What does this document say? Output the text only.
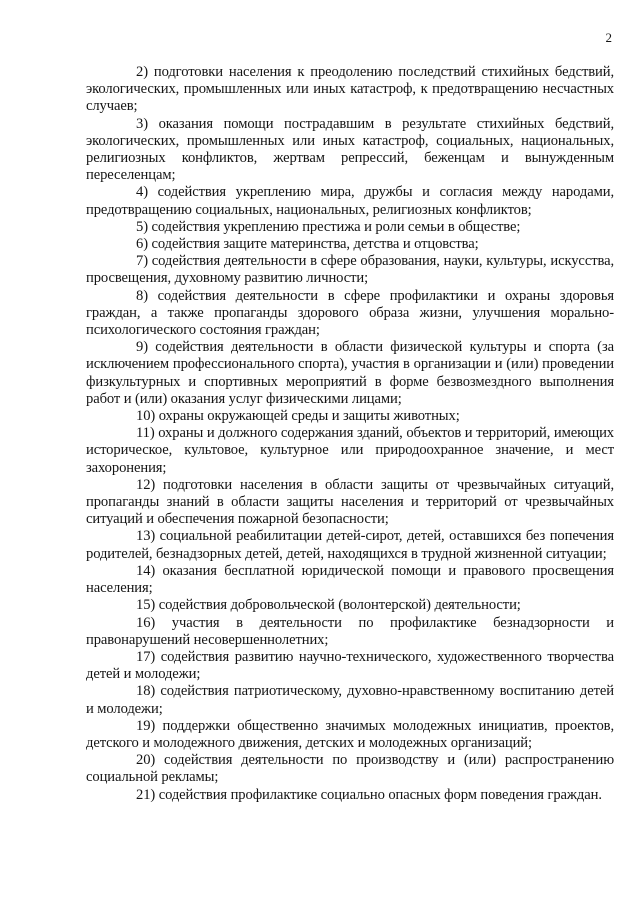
2

2) подготовки населения к преодолению последствий стихийных бедствий, экологических, промышленных или иных катастроф, к предотвращению несчастных случаев;

3) оказания помощи пострадавшим в результате стихийных бедствий, экологических, промышленных или иных катастроф, социальных, национальных, религиозных конфликтов, жертвам репрессий, беженцам и вынужденным переселенцам;

4) содействия укреплению мира, дружбы и согласия между народами, предотвращению социальных, национальных, религиозных конфликтов;

5) содействия укреплению престижа и роли семьи в обществе;

6) содействия защите материнства, детства и отцовства;

7) содействия деятельности в сфере образования, науки, культуры, искусства, просвещения, духовному развитию личности;

8) содействия деятельности в сфере профилактики и охраны здоровья граждан, а также пропаганды здорового образа жизни, улучшения морально-психологического состояния граждан;

9) содействия деятельности в области физической культуры и спорта (за исключением профессионального спорта), участия в организации и (или) проведении физкультурных и спортивных мероприятий в форме безвозмездного выполнения работ и (или) оказания услуг физическими лицами;

10) охраны окружающей среды и защиты животных;

11) охраны и должного содержания зданий, объектов и территорий, имеющих историческое, культовое, культурное или природоохранное значение, и мест захоронения;

12) подготовки населения в области защиты от чрезвычайных ситуаций, пропаганды знаний в области защиты населения и территорий от чрезвычайных ситуаций и обеспечения пожарной безопасности;

13) социальной реабилитации детей-сирот, детей, оставшихся без попечения родителей, безнадзорных детей, детей, находящихся в трудной жизненной ситуации;

14) оказания бесплатной юридической помощи и правового просвещения населения;

15) содействия добровольческой (волонтерской) деятельности;

16) участия в деятельности по профилактике безнадзорности и правонарушений несовершеннолетних;

17) содействия развитию научно-технического, художественного творчества детей и молодежи;

18) содействия патриотическому, духовно-нравственному воспитанию детей и молодежи;

19) поддержки общественно значимых молодежных инициатив, проектов, детского и молодежного движения, детских и молодежных организаций;

20) содействия деятельности по производству и (или) распространению социальной рекламы;

21) содействия профилактике социально опасных форм поведения граждан.
